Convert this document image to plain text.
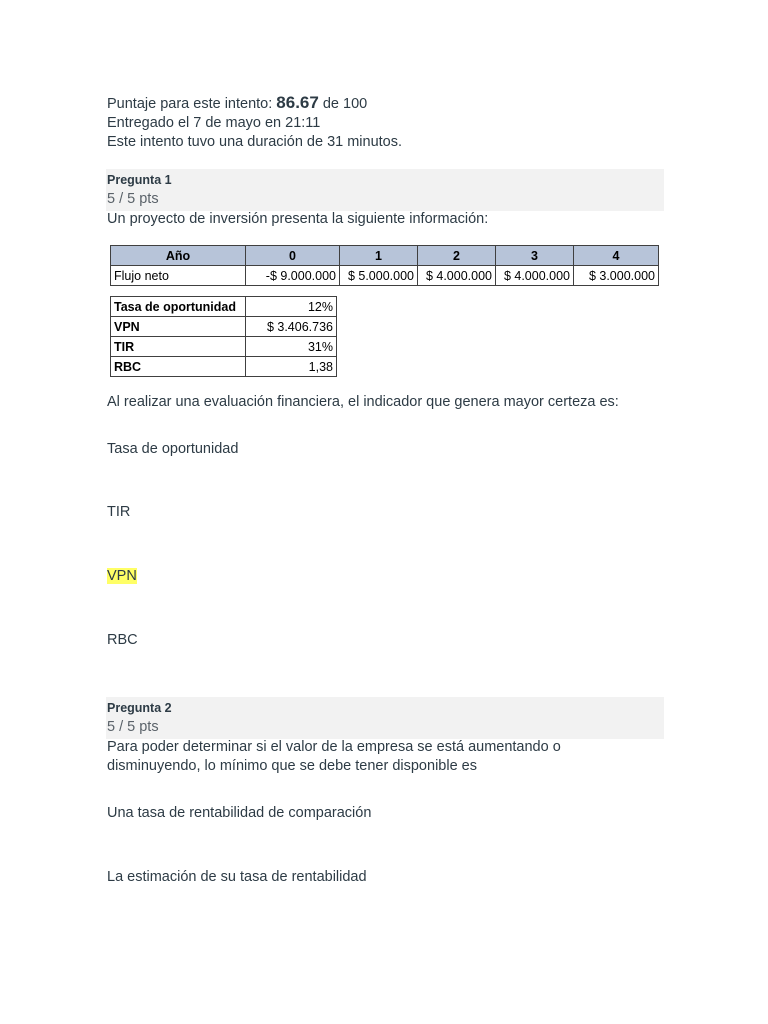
Puntaje para este intento: 86.67 de 100
Entregado el 7 de mayo en 21:11
Este intento tuvo una duración de 31 minutos.
Pregunta 1
5 / 5 pts
Un proyecto de inversión presenta la siguiente información:
Año	0	1	2	3	4
Flujo neto	-$ 9.000.000	$ 5.000.000	$ 4.000.000	$ 4.000.000	$ 3.000.000
Tasa de oportunidad	12%
VPN	$ 3.406.736
TIR	31%
RBC	1,38
Al realizar una evaluación financiera, el indicador que genera mayor certeza es:
Tasa de oportunidad
TIR
VPN
RBC
Pregunta 2
5 / 5 pts
Para poder determinar si el valor de la empresa se está aumentando o
disminuyendo, lo mínimo que se debe tener disponible es
Una tasa de rentabilidad de comparación
La estimación de su tasa de rentabilidad
